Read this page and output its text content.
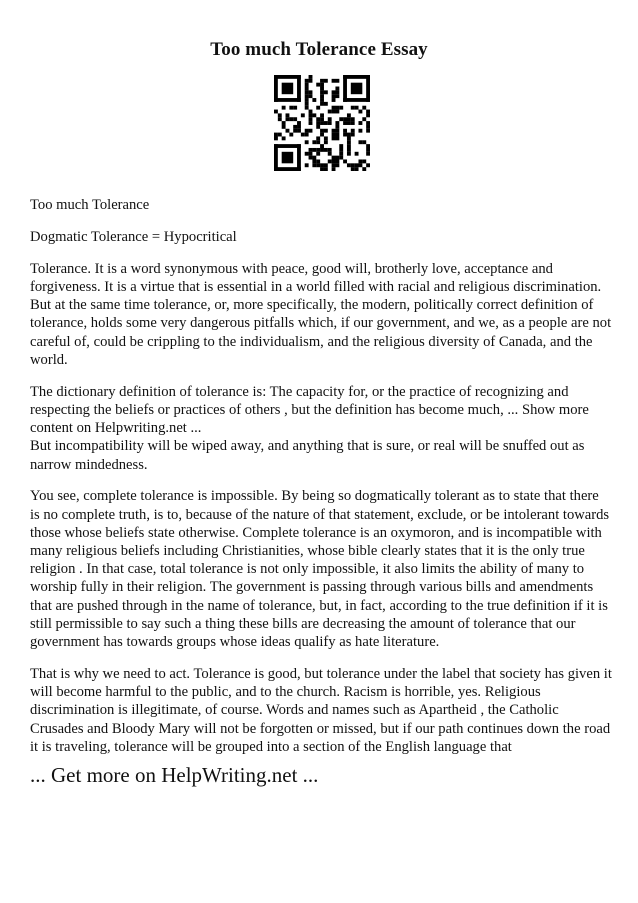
Too much Tolerance Essay

Too much Tolerance

Dogmatic Tolerance = Hypocritical

Tolerance. It is a word synonymous with peace, good will, brotherly love, acceptance and forgiveness. It is a virtue that is essential in a world filled with racial and religious discrimination. But at the same time tolerance, or, more specifically, the modern, politically correct definition of tolerance, holds some very dangerous pitfalls which, if our government, and we, as a people are not careful of, could be crippling to the individualism, and the religious diversity of Canada, and the world.

The dictionary definition of tolerance is: The capacity for, or the practice of recognizing and respecting the beliefs or practices of others , but the definition has become much, ... Show more content on Helpwriting.net ...

But incompatibility will be wiped away, and anything that is sure, or real will be snuffed out as narrow mindedness.

You see, complete tolerance is impossible. By being so dogmatically tolerant as to state that there is no complete truth, is to, because of the nature of that statement, exclude, or be intolerant towards those whose beliefs state otherwise. Complete tolerance is an oxymoron, and is incompatible with many religious beliefs including Christianities, whose bible clearly states that it is the only true religion . In that case, total tolerance is not only impossible, it also limits the ability of many to worship fully in their religion. The government is passing through various bills and amendments that are pushed through in the name of tolerance, but, in fact, according to the true definition if it is still permissible to say such a thing these bills are decreasing the amount of tolerance that our government has towards groups whose ideas qualify as hate literature.

That is why we need to act. Tolerance is good, but tolerance under the label that society has given it will become harmful to the public, and to the church. Racism is horrible, yes. Religious discrimination is illegitimate, of course. Words and names such as Apartheid , the Catholic Crusades and Bloody Mary will not be forgotten or missed, but if our path continues down the road it is traveling, tolerance will be grouped into a section of the English language that

... Get more on HelpWriting.net ...
